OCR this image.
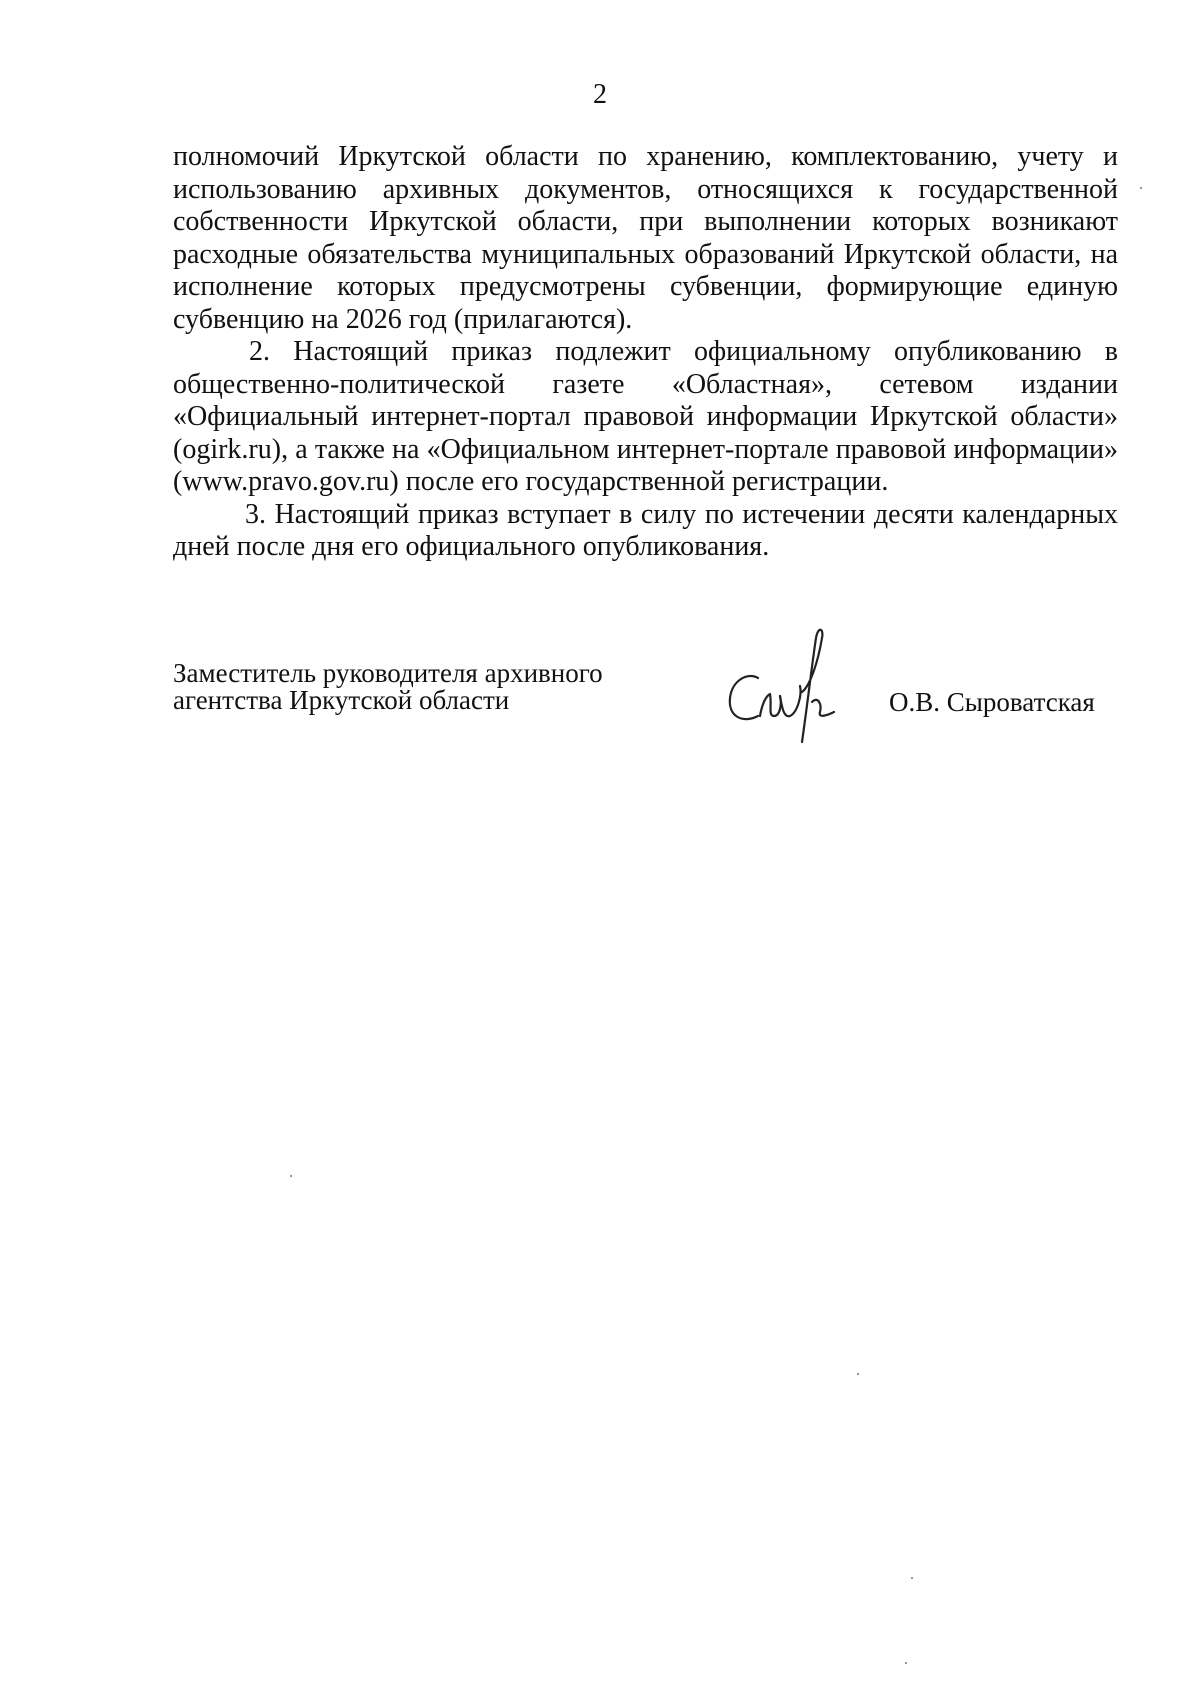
2

полномочий Иркутской области по хранению, комплектованию, учету и
использованию архивных документов, относящихся к государственной
собственности Иркутской области, при выполнении которых возникают
расходные обязательства муниципальных образований Иркутской области, на
исполнение которых предусмотрены субвенции, формирующие единую
субвенцию на 2026 год (прилагаются).

2. Настоящий приказ подлежит официальному опубликованию в
общественно-политической газете «Областная», сетевом издании
«Официальный интернет-портал правовой информации Иркутской области»
(ogirk.ru), а также на «Официальном интернет-портале правовой информации»
(www.pravo.gov.ru) после его государственной регистрации.

3. Настоящий приказ вступает в силу по истечении десяти календарных
дней после дня его официального опубликования.

Заместитель руководителя архивного
агентства Иркутской области	О.В. Сыроватская
